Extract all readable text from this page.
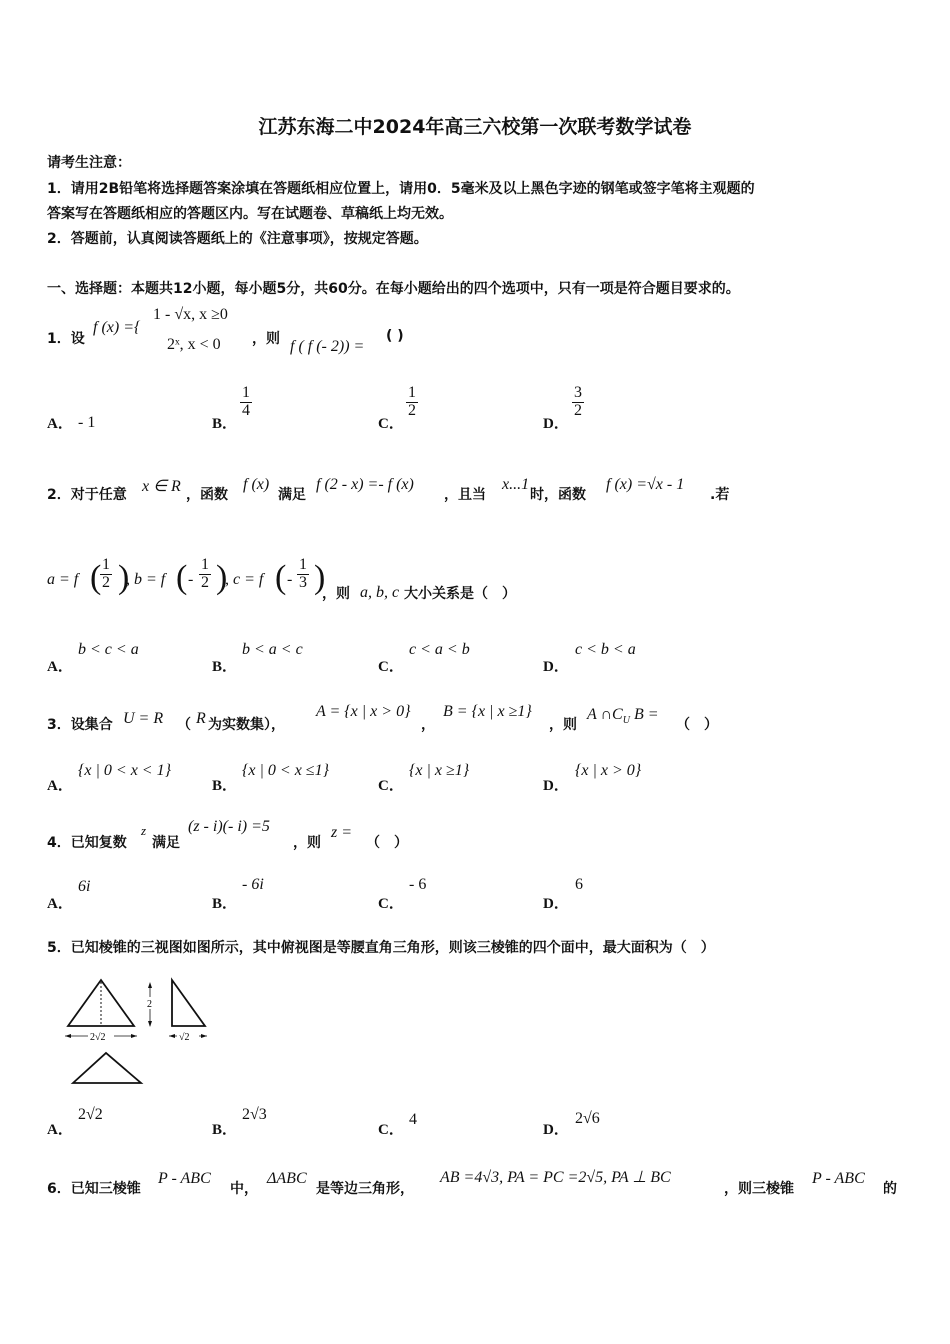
江苏东海二中2024年高三六校第一次联考数学试卷
请考生注意：
1．请用2B铅笔将选择题答案涂填在答题纸相应位置上，请用0．5毫米及以上黑色字迹的钢笔或签字笔将主观题的
答案写在答题纸相应的答题区内。写在试题卷、草稿纸上均无效。
2．答题前，认真阅读答题纸上的《注意事项》，按规定答题。
一、选择题：本题共12小题，每小题5分，共60分。在每小题给出的四个选项中，只有一项是符合题目要求的。
1．设
f (x) ={
1 - √x, x ≥0
2ˣ, x < 0 ，则 f ( f (- 2)) =
( )
A． - 1	B．
$\frac{1}{4}$
C．
$\frac{1}{2}$
D．
$\frac{3}{2}$
2．对于任意 x ∈ R ，函数
f (x)
满足
f (2 - x) =- f (x)
，且当
x...1
时，函数
f (x) =√x - 1
.若
a = f (
$\frac{1}{2}$ )
, b = f ( - $\frac{1}{2}$ )
, c = f ( - $\frac{1}{3}$ )
，则 a, b, c 大小关系是（　）
A．
b < c < a
B．
b < a < c
C．
c < a < b
D．
c < b < a
3．设集合 U = R （ R 为实数集），
A = {x | x > 0}
，
B = {x | x ≥1}
，则
A $\cap C_U$ B =
（　）
A．
{x | 0 < x < 1}
B．
{x | 0 < x ≤1}
C．
{x | x ≥1}
D．
{x | x > 0}
4．已知复数
z
满足
(z - i)(- i) =5
，则
z =
（　）
A．
6i
B．
- 6i
C．
- 6
D．
6
5．已知棱锥的三视图如图所示，其中俯视图是等腰直角三角形，则该三棱锥的四个面中，最大面积为（　）
2√2
2
√2
A．
2√2
B．
2√3
C．
4
D．
2√6
6．已知三棱锥
P - ABC
中，
ΔABC
是等边三角形，
AB =4√3, PA = PC =2√5, PA ⊥ BC
，则三棱锥
P - ABC
的
